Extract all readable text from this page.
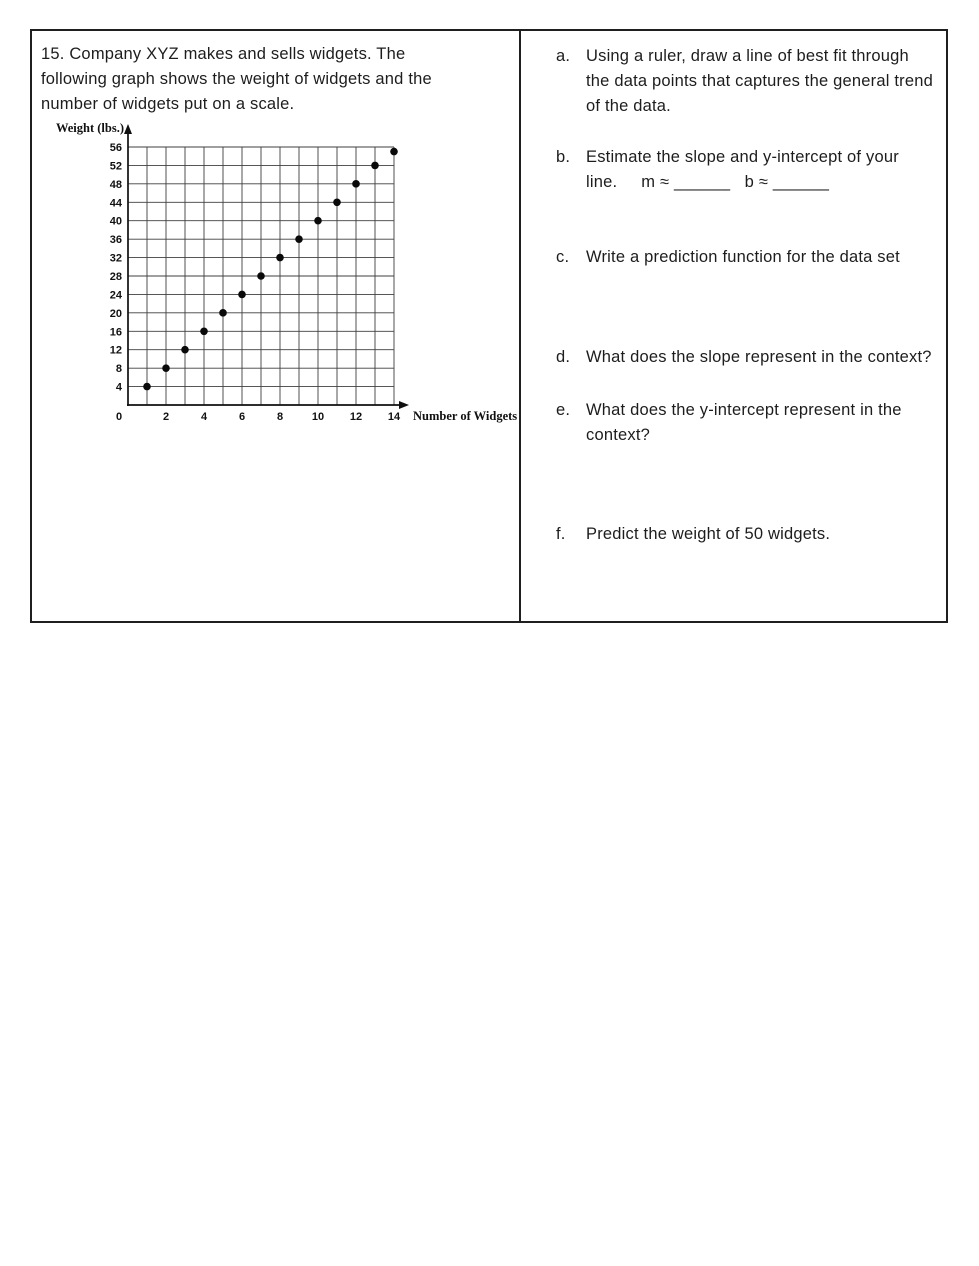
15. Company XYZ makes and sells widgets. The following graph shows the weight of widgets and the number of widgets put on a scale.
4
8
12
16
20
24
28
32
36
40
44
48
52
56
0	2	4	6	8	10 12 14
Weight (lbs.)
Number of Widgets
a. Using a ruler, draw a line of best fit through the data points that captures the general trend of the data.
b. Estimate the slope and y-intercept of your line. m ≈ ______   b ≈ ______
c.	Write a prediction function for the data set
d. What does the slope represent in the context?
e. What does the y-intercept represent in the context?
f.	Predict the weight of 50 widgets.
